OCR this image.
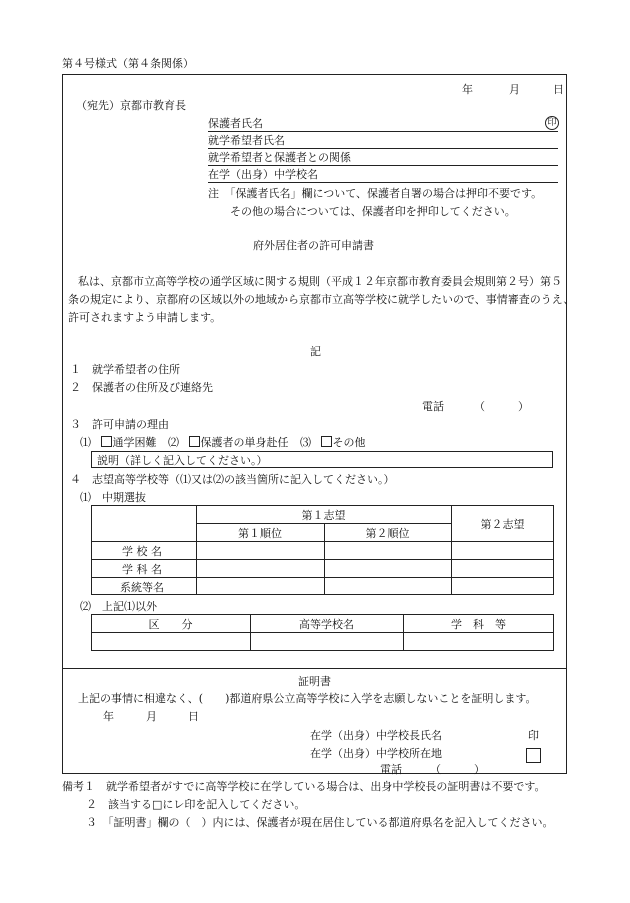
第４号様式（第４条関係）
年	月	日
（宛先）京都市教育長
保護者氏名	印
就学希望者氏名
就学希望者と保護者との関係
在学（出身）中学校名
注　「保護者氏名」欄について、保護者自署の場合は押印不要です。
その他の場合については、保護者印を押印してください。
府外居住者の許可申請書
私は、京都市立高等学校の通学区域に関する規則（平成１２年京都市教育委員会規則第２号）第５
条の規定により、京都府の区域以外の地域から京都市立高等学校に就学したいので、事情審査のうえ、
許可されますよう申請します。
記
１　就学希望者の住所
２　保護者の住所及び連絡先
電話	（　　　）
３　許可申請の理由
⑴ 通学困難 ⑵ 保護者の単身赴任 ⑶ その他
説明（詳しく記入してください。）
４　志望高等学校等（⑴又は⑵の該当箇所に記入してください。）
⑴　中期選抜
第１志望
第２志望
第１順位	第２順位
学 校 名
学 科 名
系統等名
⑵　上記⑴以外
区　　分	高等学校名	学　科　等
証明書
上記の事情に相違なく、(　　)都道府県公立高等学校に入学を志願しないことを証明します。
年	月	日
在学（出身）中学校長氏名	印
在学（出身）中学校所在地
電話	（　　　）
備考１　就学希望者がすでに高等学校に在学している場合は、出身中学校長の証明書は不要です。
２　該当する□にレ印を記入してください。
３　「証明書」欄の（　）内には、保護者が現在居住している都道府県名を記入してください。
